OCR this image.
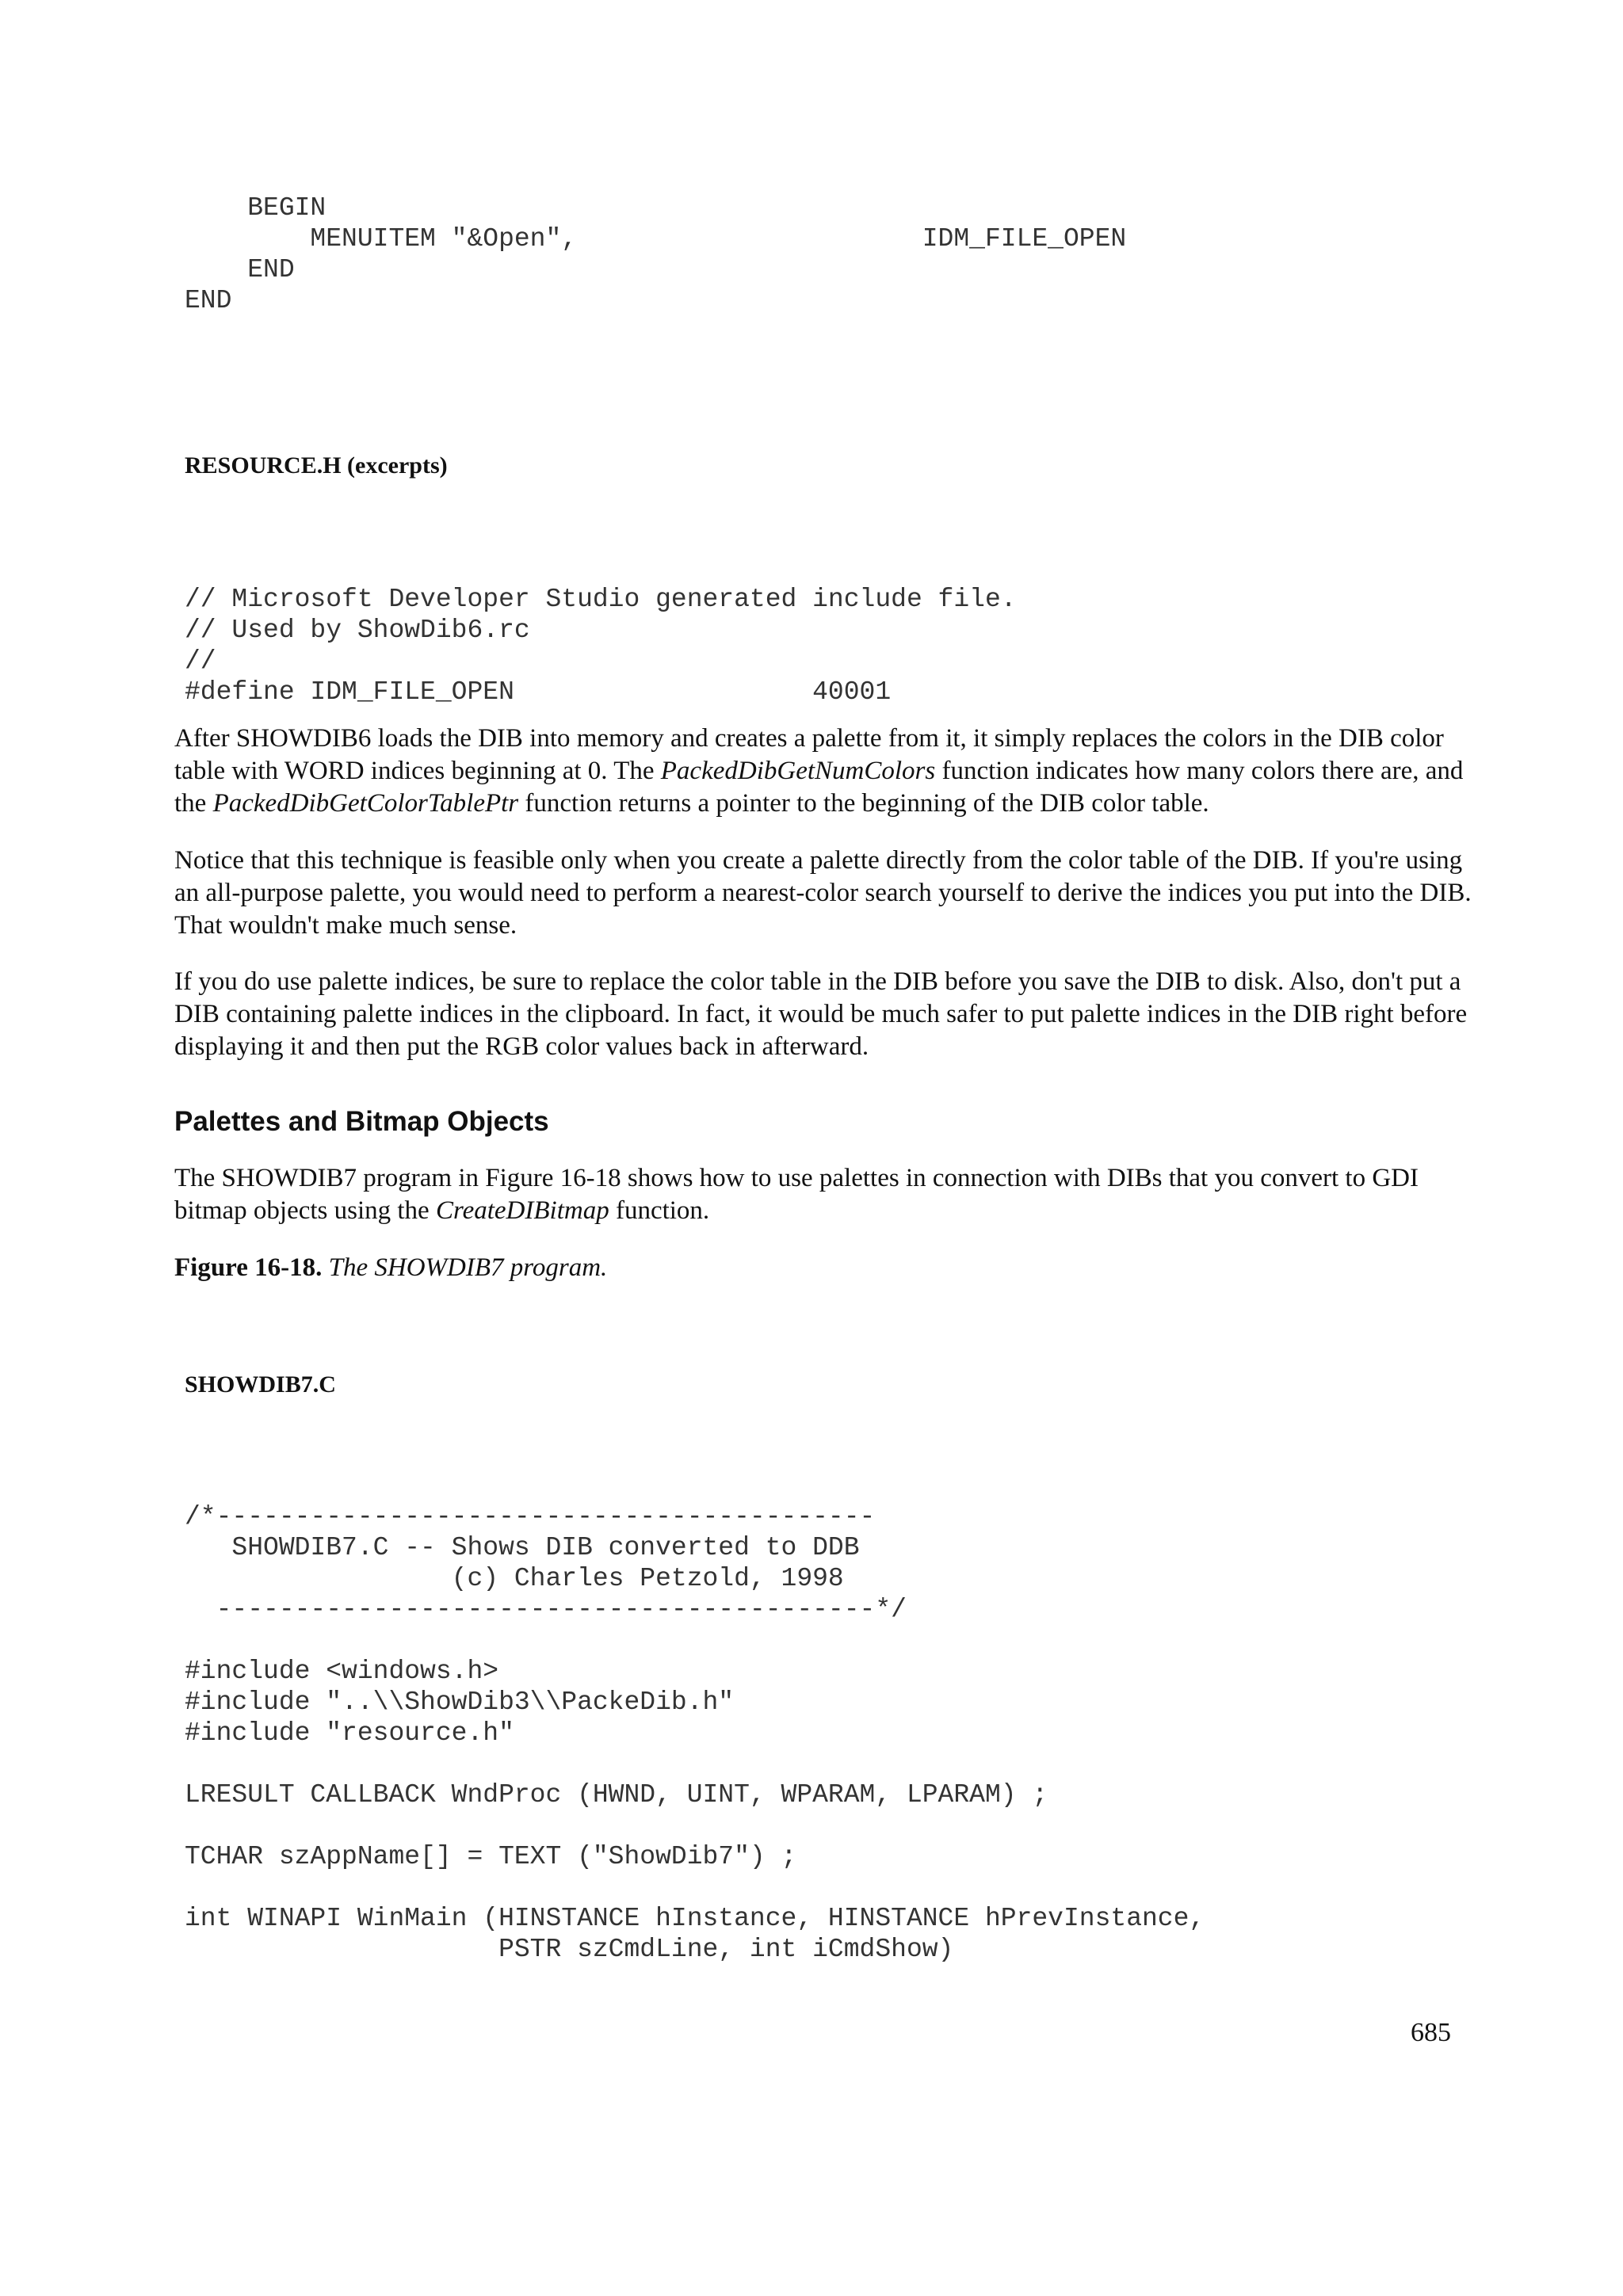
BEGIN
MENUITEM "&Open",                      IDM_FILE_OPEN
END
END
RESOURCE.H (excerpts)
// Microsoft Developer Studio generated include file.
// Used by ShowDib6.rc
//
#define IDM_FILE_OPEN                   40001

After SHOWDIB6 loads the DIB into memory and creates a palette from it, it simply replaces the colors in the DIB color table with WORD indices beginning at 0. The PackedDibGetNumColors function indicates how many colors there are, and the PackedDibGetColorTablePtr function returns a pointer to the beginning of the DIB color table.

Notice that this technique is feasible only when you create a palette directly from the color table of the DIB. If you're using an all-purpose palette, you would need to perform a nearest-color search yourself to derive the indices you put into the DIB. That wouldn't make much sense.

If you do use palette indices, be sure to replace the color table in the DIB before you save the DIB to disk. Also, don't put a DIB containing palette indices in the clipboard. In fact, it would be much safer to put palette indices in the DIB right before displaying it and then put the RGB color values back in afterward.

Palettes and Bitmap Objects

The SHOWDIB7 program in Figure 16-18 shows how to use palettes in connection with DIBs that you convert to GDI bitmap objects using the CreateDIBitmap function.

Figure 16-18. The SHOWDIB7 program.

SHOWDIB7.C
/*------------------------------------------
SHOWDIB7.C -- Shows DIB converted to DDB
(c) Charles Petzold, 1998
------------------------------------------*/

#include <windows.h>
#include "..\\ShowDib3\\PackeDib.h"
#include "resource.h"

LRESULT CALLBACK WndProc (HWND, UINT, WPARAM, LPARAM) ;

TCHAR szAppName[] = TEXT ("ShowDib7") ;

int WINAPI WinMain (HINSTANCE hInstance, HINSTANCE hPrevInstance,
PSTR szCmdLine, int iCmdShow)
685
